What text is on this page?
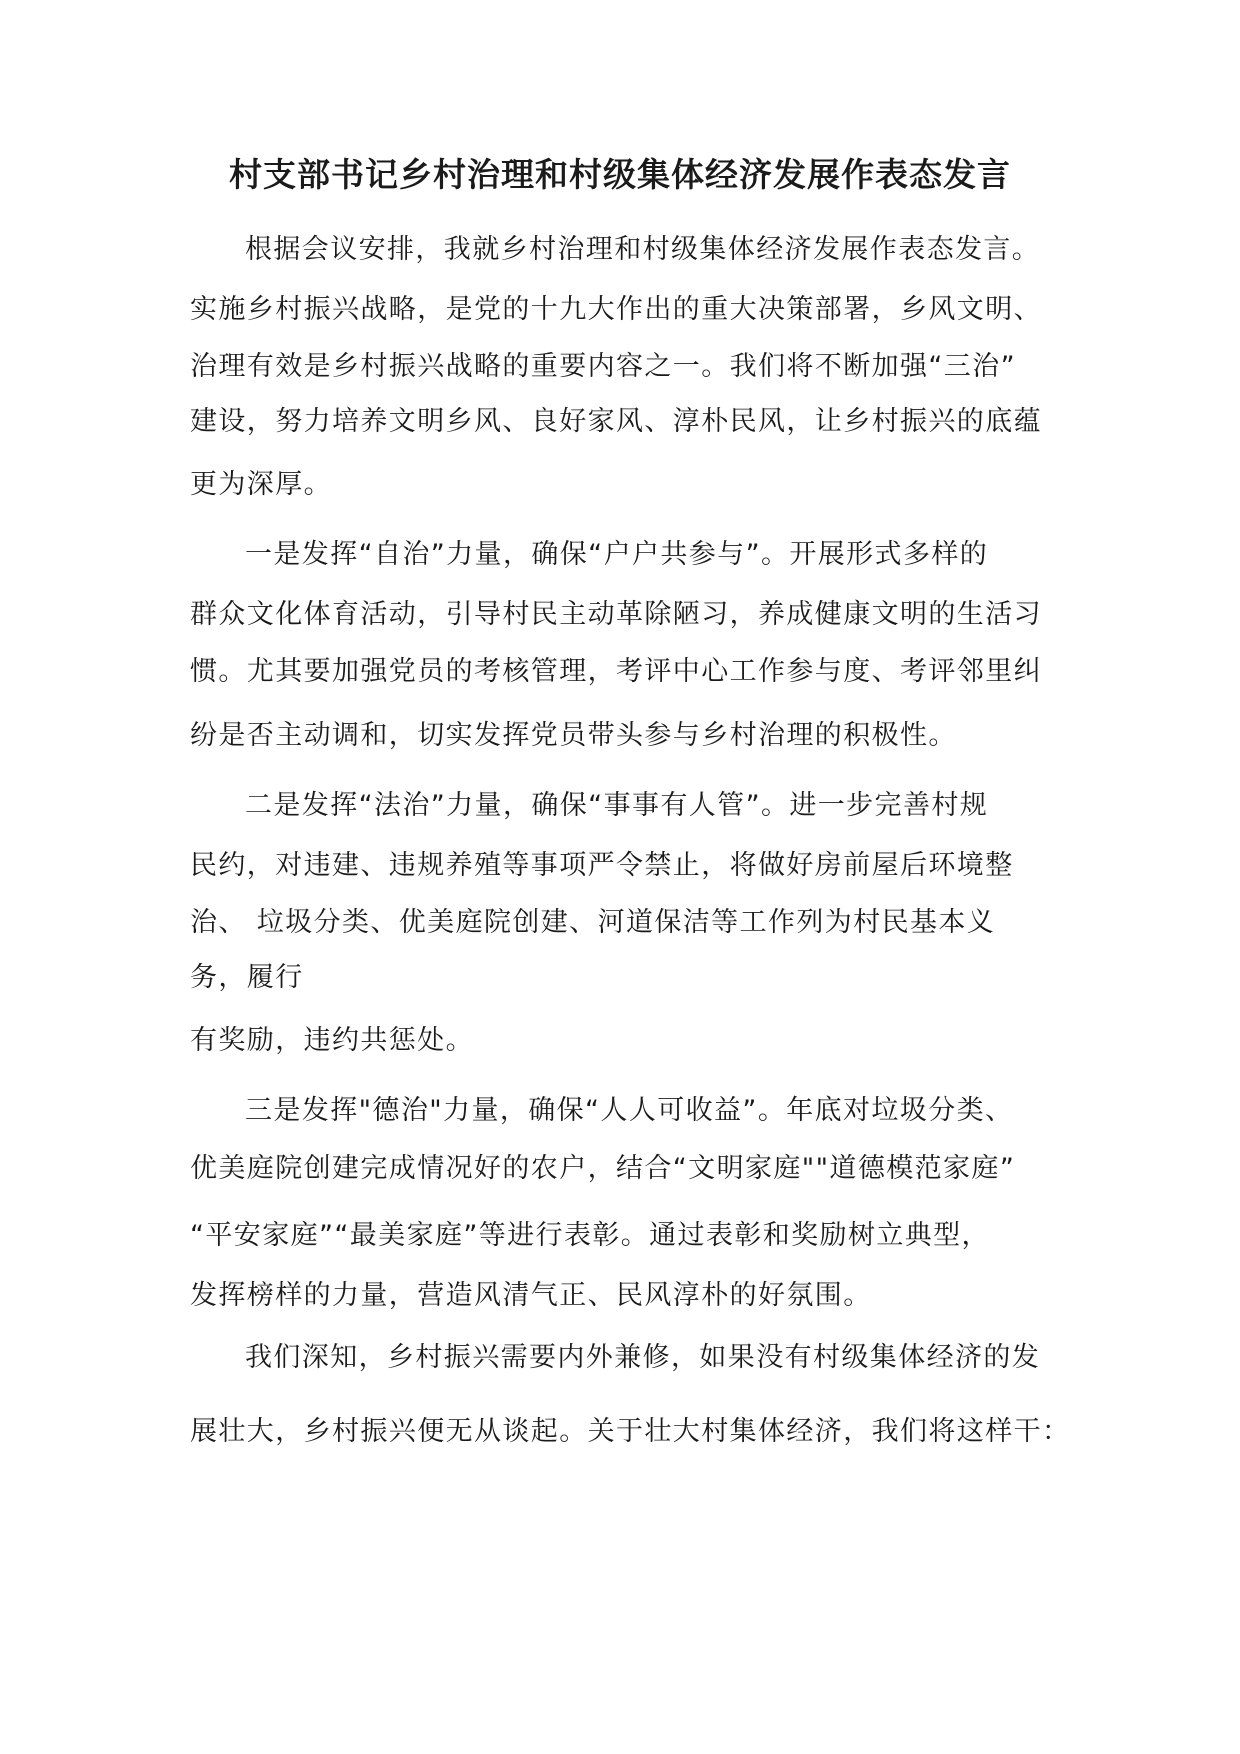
村支部书记乡村治理和村级集体经济发展作表态发言
根据会议安排，我就乡村治理和村级集体经济发展作表态发言。
实施乡村振兴战略，是党的十九大作出的重大决策部署，乡风文明、
治理有效是乡村振兴战略的重要内容之一。我们将不断加强“三治”
建设，努力培养文明乡风、良好家风、淳朴民风，让乡村振兴的底蕴
更为深厚。
一是发挥“自治”力量，确保“户户共参与”。开展形式多样的
群众文化体育活动，引导村民主动革除陋习，养成健康文明的生活习
惯。尤其要加强党员的考核管理，考评中心工作参与度、考评邻里纠
纷是否主动调和，切实发挥党员带头参与乡村治理的积极性。
二是发挥“法治”力量，确保“事事有人管”。进一步完善村规
民约，对违建、违规养殖等事项严令禁止，将做好房前屋后环境整
治、 垃圾分类、优美庭院创建、河道保洁等工作列为村民基本义
务，履行
有奖励，违约共惩处。
三是发挥"德治"力量，确保“人人可收益”。年底对垃圾分类、
优美庭院创建完成情况好的农户，结合“文明家庭""道德模范家庭”
“平安家庭”“最美家庭”等进行表彰。通过表彰和奖励树立典型，
发挥榜样的力量，营造风清气正、民风淳朴的好氛围。
我们深知，乡村振兴需要内外兼修，如果没有村级集体经济的发
展壮大，乡村振兴便无从谈起。关于壮大村集体经济，我们将这样干：
